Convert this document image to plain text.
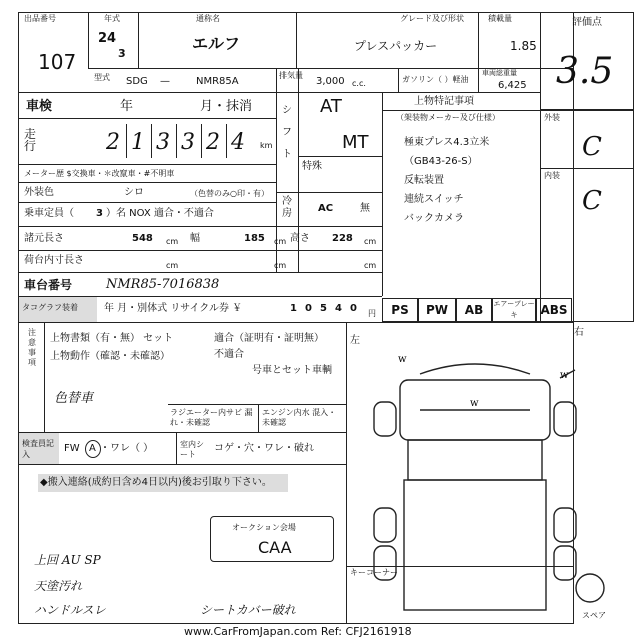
出品番号
107
年式
24
3
通称名
エルフ
グレード及び形状
プレスパッカー
積載量
1.85
評価点
3.5
型式 SDG —	NMR85A
排気量
3,000 c.c.	ガソリン（ ）軽油
車両総重量
6,425
車検	年	月・抹消
走行	2 1 3 3 2 4 km
メーター歴 $交換車・＊改竄車・#不明車
外装色	シロ	（色替のみ○印・有）
乗車定員（ 3 ）名 NOX 適合・不適合
諸元長さ	548 cm 幅	185 cm 高さ 228 cm
荷台内寸長さ	cm	cm	cm
車台番号	NMR85-7016838
タコグラフ装着	年 月・別体式 リサイクル券 ￥	1 0 5 4 0 円
シフト
AT
MT
特殊
冷房	AC	無
上物特記事項
（架装物メーカー及び仕様）
極東プレス4.3立米
（GB43-26-S）
反転装置
連続スイッチ
バックカメラ
外装
C
内装
C
PS	PW	AB	エアーブレーキ	ABS
注意事項
上物書類（有・無） セット	適合（証明有・証明無）
不適合
上物動作（確認・未確認）
号車とセット車輌
色替車
ラジエーター内サビ 漏れ・未確認
エンジン内水 混入・未確認
検査員記入
FW A ・ワレ（ ）	室内シート
コゲ・穴・ワレ・破れ
◆搬入連絡(成約日含め4日以内)後お引取り下さい。
オークション会場
CAA
上回 AU SP
天塗汚れ
ハンドルスレ	シートカバー破れ
左
右
w
w
w
キーコーナー
スペア
www.CarFromJapan.com Ref: CFJ2161918
